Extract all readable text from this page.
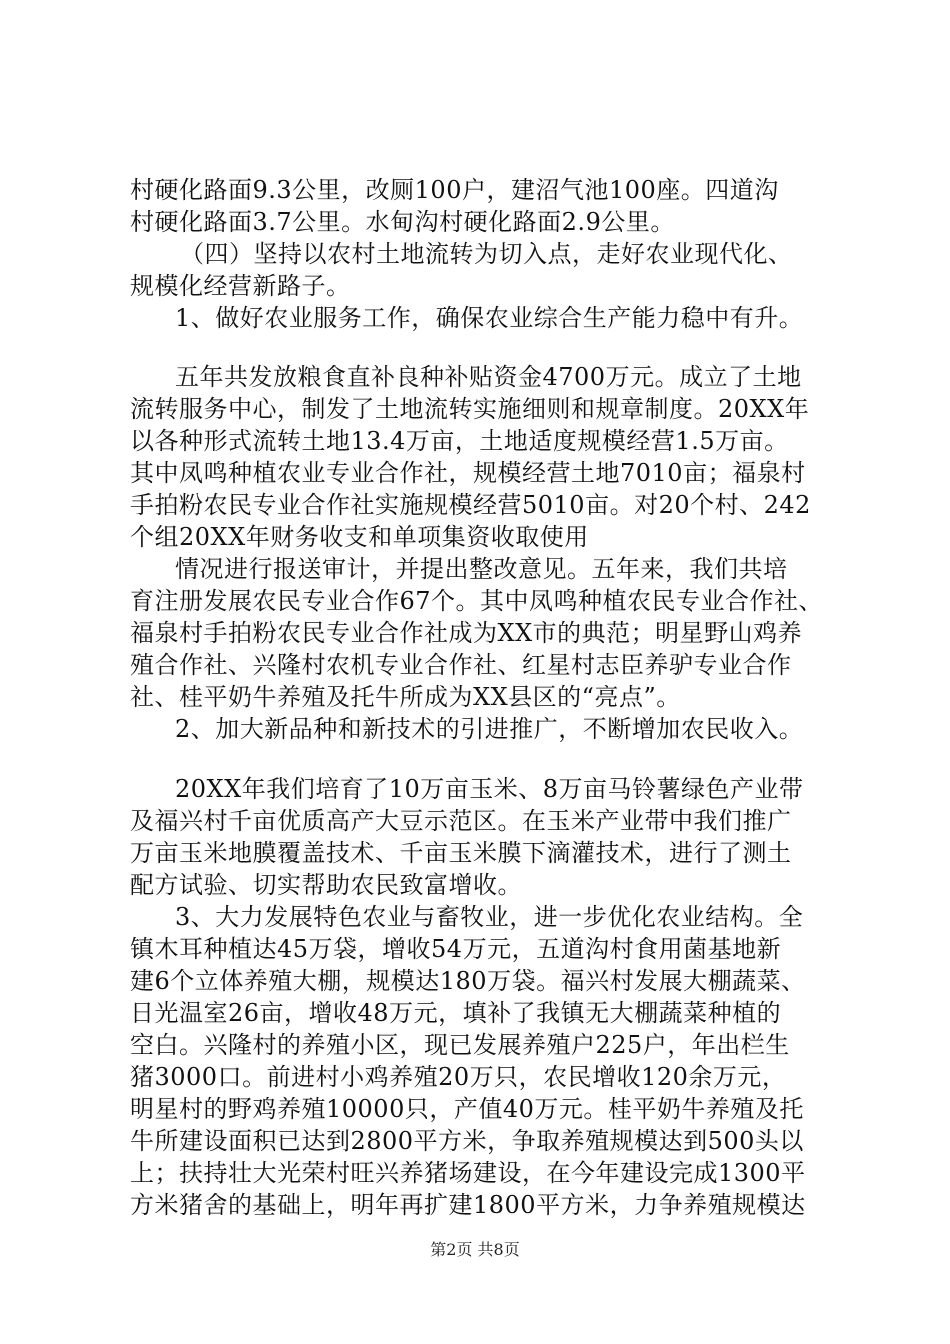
村硬化路面9.3公里，改厕100户，建沼气池100座。四道沟
村硬化路面3.7公里。水甸沟村硬化路面2.9公里。
（四）坚持以农村土地流转为切入点，走好农业现代化、
规模化经营新路子。
1、做好农业服务工作，确保农业综合生产能力稳中有升。
五年共发放粮食直补良种补贴资金4700万元。成立了土地
流转服务中心，制发了土地流转实施细则和规章制度。20XX年
以各种形式流转土地13.4万亩，土地适度规模经营1.5万亩。
其中凤鸣种植农业专业合作社，规模经营土地7010亩；福泉村
手拍粉农民专业合作社实施规模经营5010亩。对20个村、242
个组20XX年财务收支和单项集资收取使用
情况进行报送审计，并提出整改意见。五年来，我们共培
育注册发展农民专业合作67个。其中凤鸣种植农民专业合作社、
福泉村手拍粉农民专业合作社成为XX市的典范；明星野山鸡养
殖合作社、兴隆村农机专业合作社、红星村志臣养驴专业合作
社、桂平奶牛养殖及托牛所成为XX县区的“亮点”。
2、加大新品种和新技术的引进推广，不断增加农民收入。
20XX年我们培育了10万亩玉米、8万亩马铃薯绿色产业带
及福兴村千亩优质高产大豆示范区。在玉米产业带中我们推广
万亩玉米地膜覆盖技术、千亩玉米膜下滴灌技术，进行了测土
配方试验、切实帮助农民致富增收。
3、大力发展特色农业与畜牧业，进一步优化农业结构。全
镇木耳种植达45万袋，增收54万元，五道沟村食用菌基地新
建6个立体养殖大棚，规模达180万袋。福兴村发展大棚蔬菜、
日光温室26亩，增收48万元，填补了我镇无大棚蔬菜种植的
空白。兴隆村的养殖小区，现已发展养殖户225户，年出栏生
猪3000口。前进村小鸡养殖20万只，农民增收120余万元，
明星村的野鸡养殖10000只，产值40万元。桂平奶牛养殖及托
牛所建设面积已达到2800平方米，争取养殖规模达到500头以
上；扶持壮大光荣村旺兴养猪场建设，在今年建设完成1300平
方米猪舍的基础上，明年再扩建1800平方米，力争养殖规模达
第2页 共8页
